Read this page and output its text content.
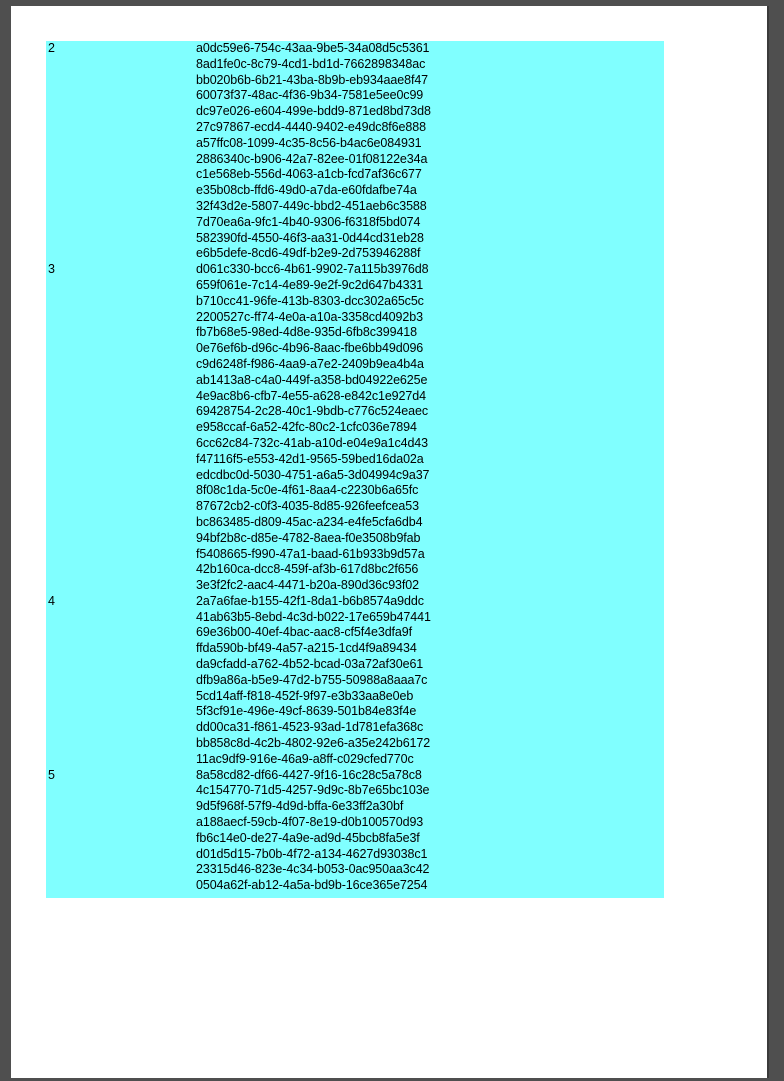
2	a0dc59e6-754c-43aa-9be5-34a08d5c5361
8ad1fe0c-8c79-4cd1-bd1d-7662898348ac
bb020b6b-6b21-43ba-8b9b-eb934aae8f47
60073f37-48ac-4f36-9b34-7581e5ee0c99
dc97e026-e604-499e-bdd9-871ed8bd73d8
27c97867-ecd4-4440-9402-e49dc8f6e888
a57ffc08-1099-4c35-8c56-b4ac6e084931
2886340c-b906-42a7-82ee-01f08122e34a
c1e568eb-556d-4063-a1cb-fcd7af36c677
e35b08cb-ffd6-49d0-a7da-e60fdafbe74a
32f43d2e-5807-449c-bbd2-451aeb6c3588
7d70ea6a-9fc1-4b40-9306-f6318f5bd074
582390fd-4550-46f3-aa31-0d44cd31eb28
e6b5defe-8cd6-49df-b2e9-2d753946288f
3	d061c330-bcc6-4b61-9902-7a115b3976d8
659f061e-7c14-4e89-9e2f-9c2d647b4331
b710cc41-96fe-413b-8303-dcc302a65c5c
2200527c-ff74-4e0a-a10a-3358cd4092b3
fb7b68e5-98ed-4d8e-935d-6fb8c399418
0e76ef6b-d96c-4b96-8aac-fbe6bb49d096
c9d6248f-f986-4aa9-a7e2-2409b9ea4b4a
ab1413a8-c4a0-449f-a358-bd04922e625e
4e9ac8b6-cfb7-4e55-a628-e842c1e927d4
69428754-2c28-40c1-9bdb-c776c524eaec
e958ccaf-6a52-42fc-80c2-1cfc036e7894
6cc62c84-732c-41ab-a10d-e04e9a1c4d43
f47116f5-e553-42d1-9565-59bed16da02a
edcdbc0d-5030-4751-a6a5-3d04994c9a37
8f08c1da-5c0e-4f61-8aa4-c2230b6a65fc
87672cb2-c0f3-4035-8d85-926feefcea53
bc863485-d809-45ac-a234-e4fe5cfa6db4
94bf2b8c-d85e-4782-8aea-f0e3508b9fab
f5408665-f990-47a1-baad-61b933b9d57a
42b160ca-dcc8-459f-af3b-617d8bc2f656
3e3f2fc2-aac4-4471-b20a-890d36c93f02
4	2a7a6fae-b155-42f1-8da1-b6b8574a9ddc
41ab63b5-8ebd-4c3d-b022-17e659b47441
69e36b00-40ef-4bac-aac8-cf5f4e3dfa9f
ffda590b-bf49-4a57-a215-1cd4f9a89434
da9cfadd-a762-4b52-bcad-03a72af30e61
dfb9a86a-b5e9-47d2-b755-50988a8aaa7c
5cd14aff-f818-452f-9f97-e3b33aa8e0eb
5f3cf91e-496e-49cf-8639-501b84e83f4e
dd00ca31-f861-4523-93ad-1d781efa368c
bb858c8d-4c2b-4802-92e6-a35e242b6172
11ac9df9-916e-46a9-a8ff-c029cfed770c
5	8a58cd82-df66-4427-9f16-16c28c5a78c8
4c154770-71d5-4257-9d9c-8b7e65bc103e
9d5f968f-57f9-4d9d-bffa-6e33ff2a30bf
a188aecf-59cb-4f07-8e19-d0b100570d93
fb6c14e0-de27-4a9e-ad9d-45bcb8fa5e3f
d01d5d15-7b0b-4f72-a134-4627d93038c1
23315d46-823e-4c34-b053-0ac950aa3c42
0504a62f-ab12-4a5a-bd9b-16ce365e7254
